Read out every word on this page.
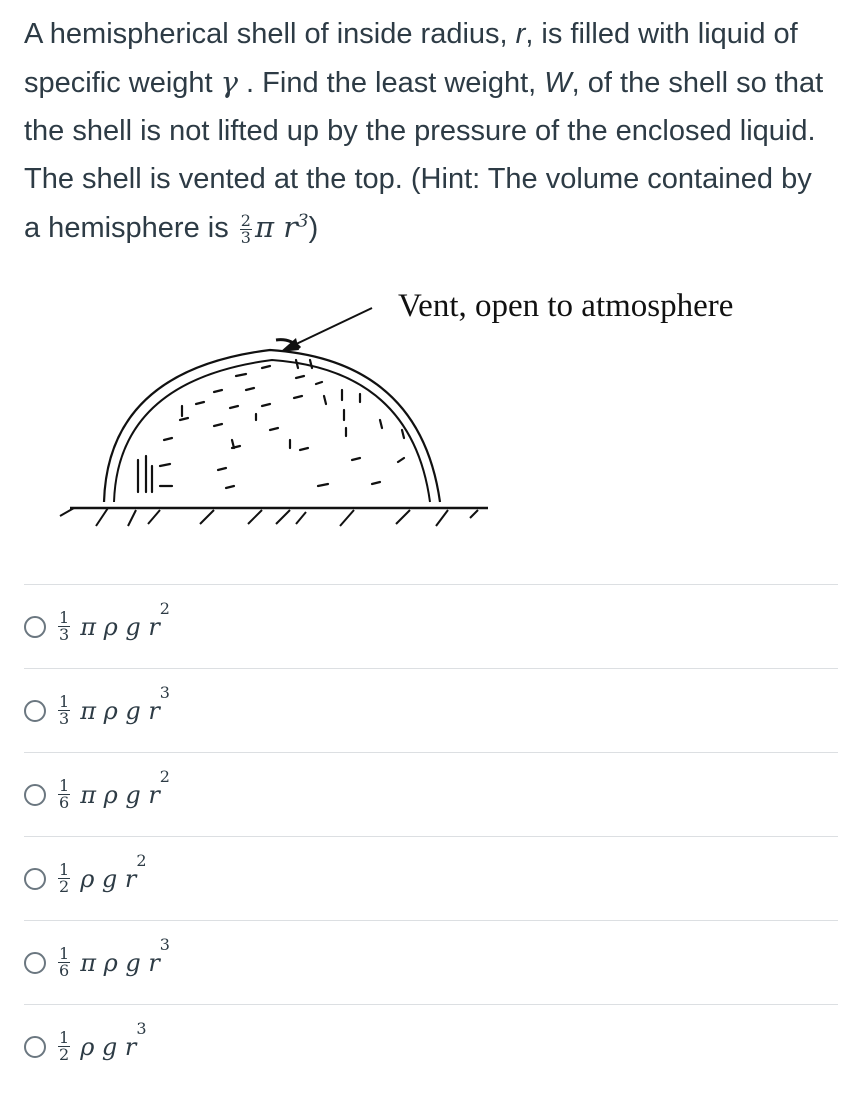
A hemispherical shell of inside radius, r, is filled with liquid of specific weight γ . Find the least weight, W, of the shell so that the shell is not lifted up by the pressure of the enclosed liquid. The shell is vented at the top. (Hint: The volume contained by a hemisphere is $\frac{2}{3}$ π $r^3$)
Vent, open to atmosphere
$\frac{1}{3}$ π ρ g $r^2$
$\frac{1}{3}$ π ρ g $r^3$
$\frac{1}{6}$ π ρ g $r^2$
$\frac{1}{2}$ ρ g $r^2$
$\frac{1}{6}$ π ρ g $r^3$
$\frac{1}{2}$ ρ g $r^3$
